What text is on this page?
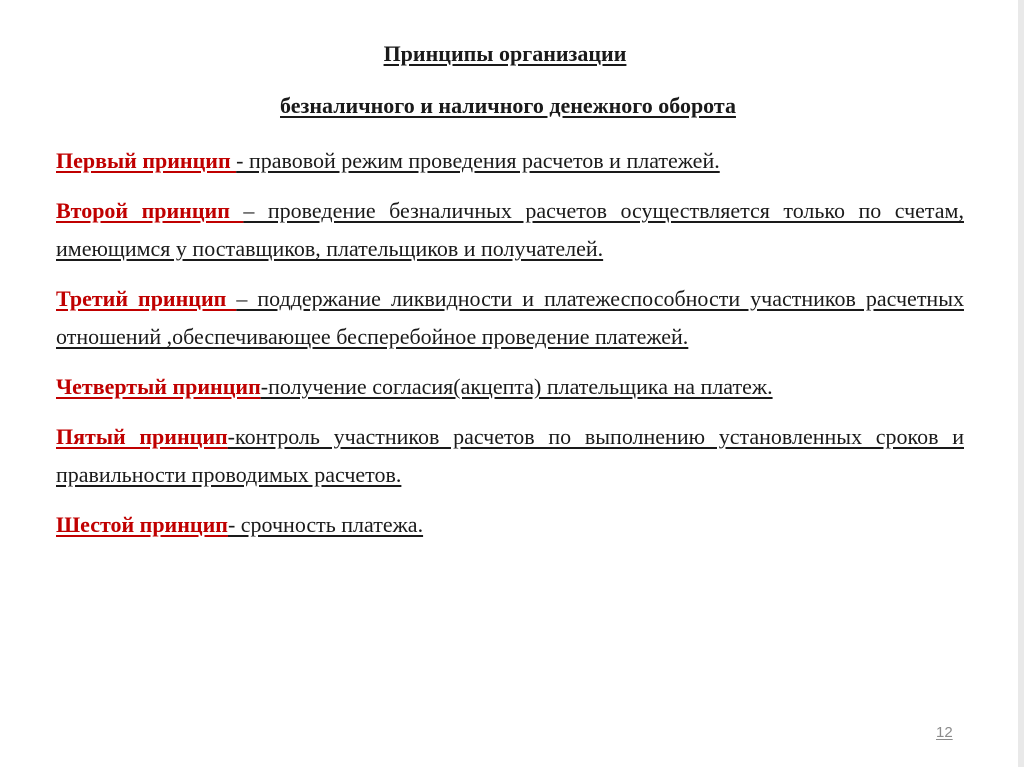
Принципы организации

безналичного и наличного денежного оборота

Первый принцип - правовой режим проведения расчетов и платежей.

Второй принцип – проведение безналичных расчетов осуществляется только по счетам, имеющимся у поставщиков, плательщиков и получателей.

Третий принцип – поддержание ликвидности и платежеспособности участников расчетных отношений ,обеспечивающее бесперебойное проведение платежей.

Четвертый принцип-получение согласия(акцепта) плательщика на платеж.

Пятый принцип-контроль участников расчетов по выполнению установленных сроков и правильности проводимых расчетов.

Шестой принцип- срочность платежа.

12
